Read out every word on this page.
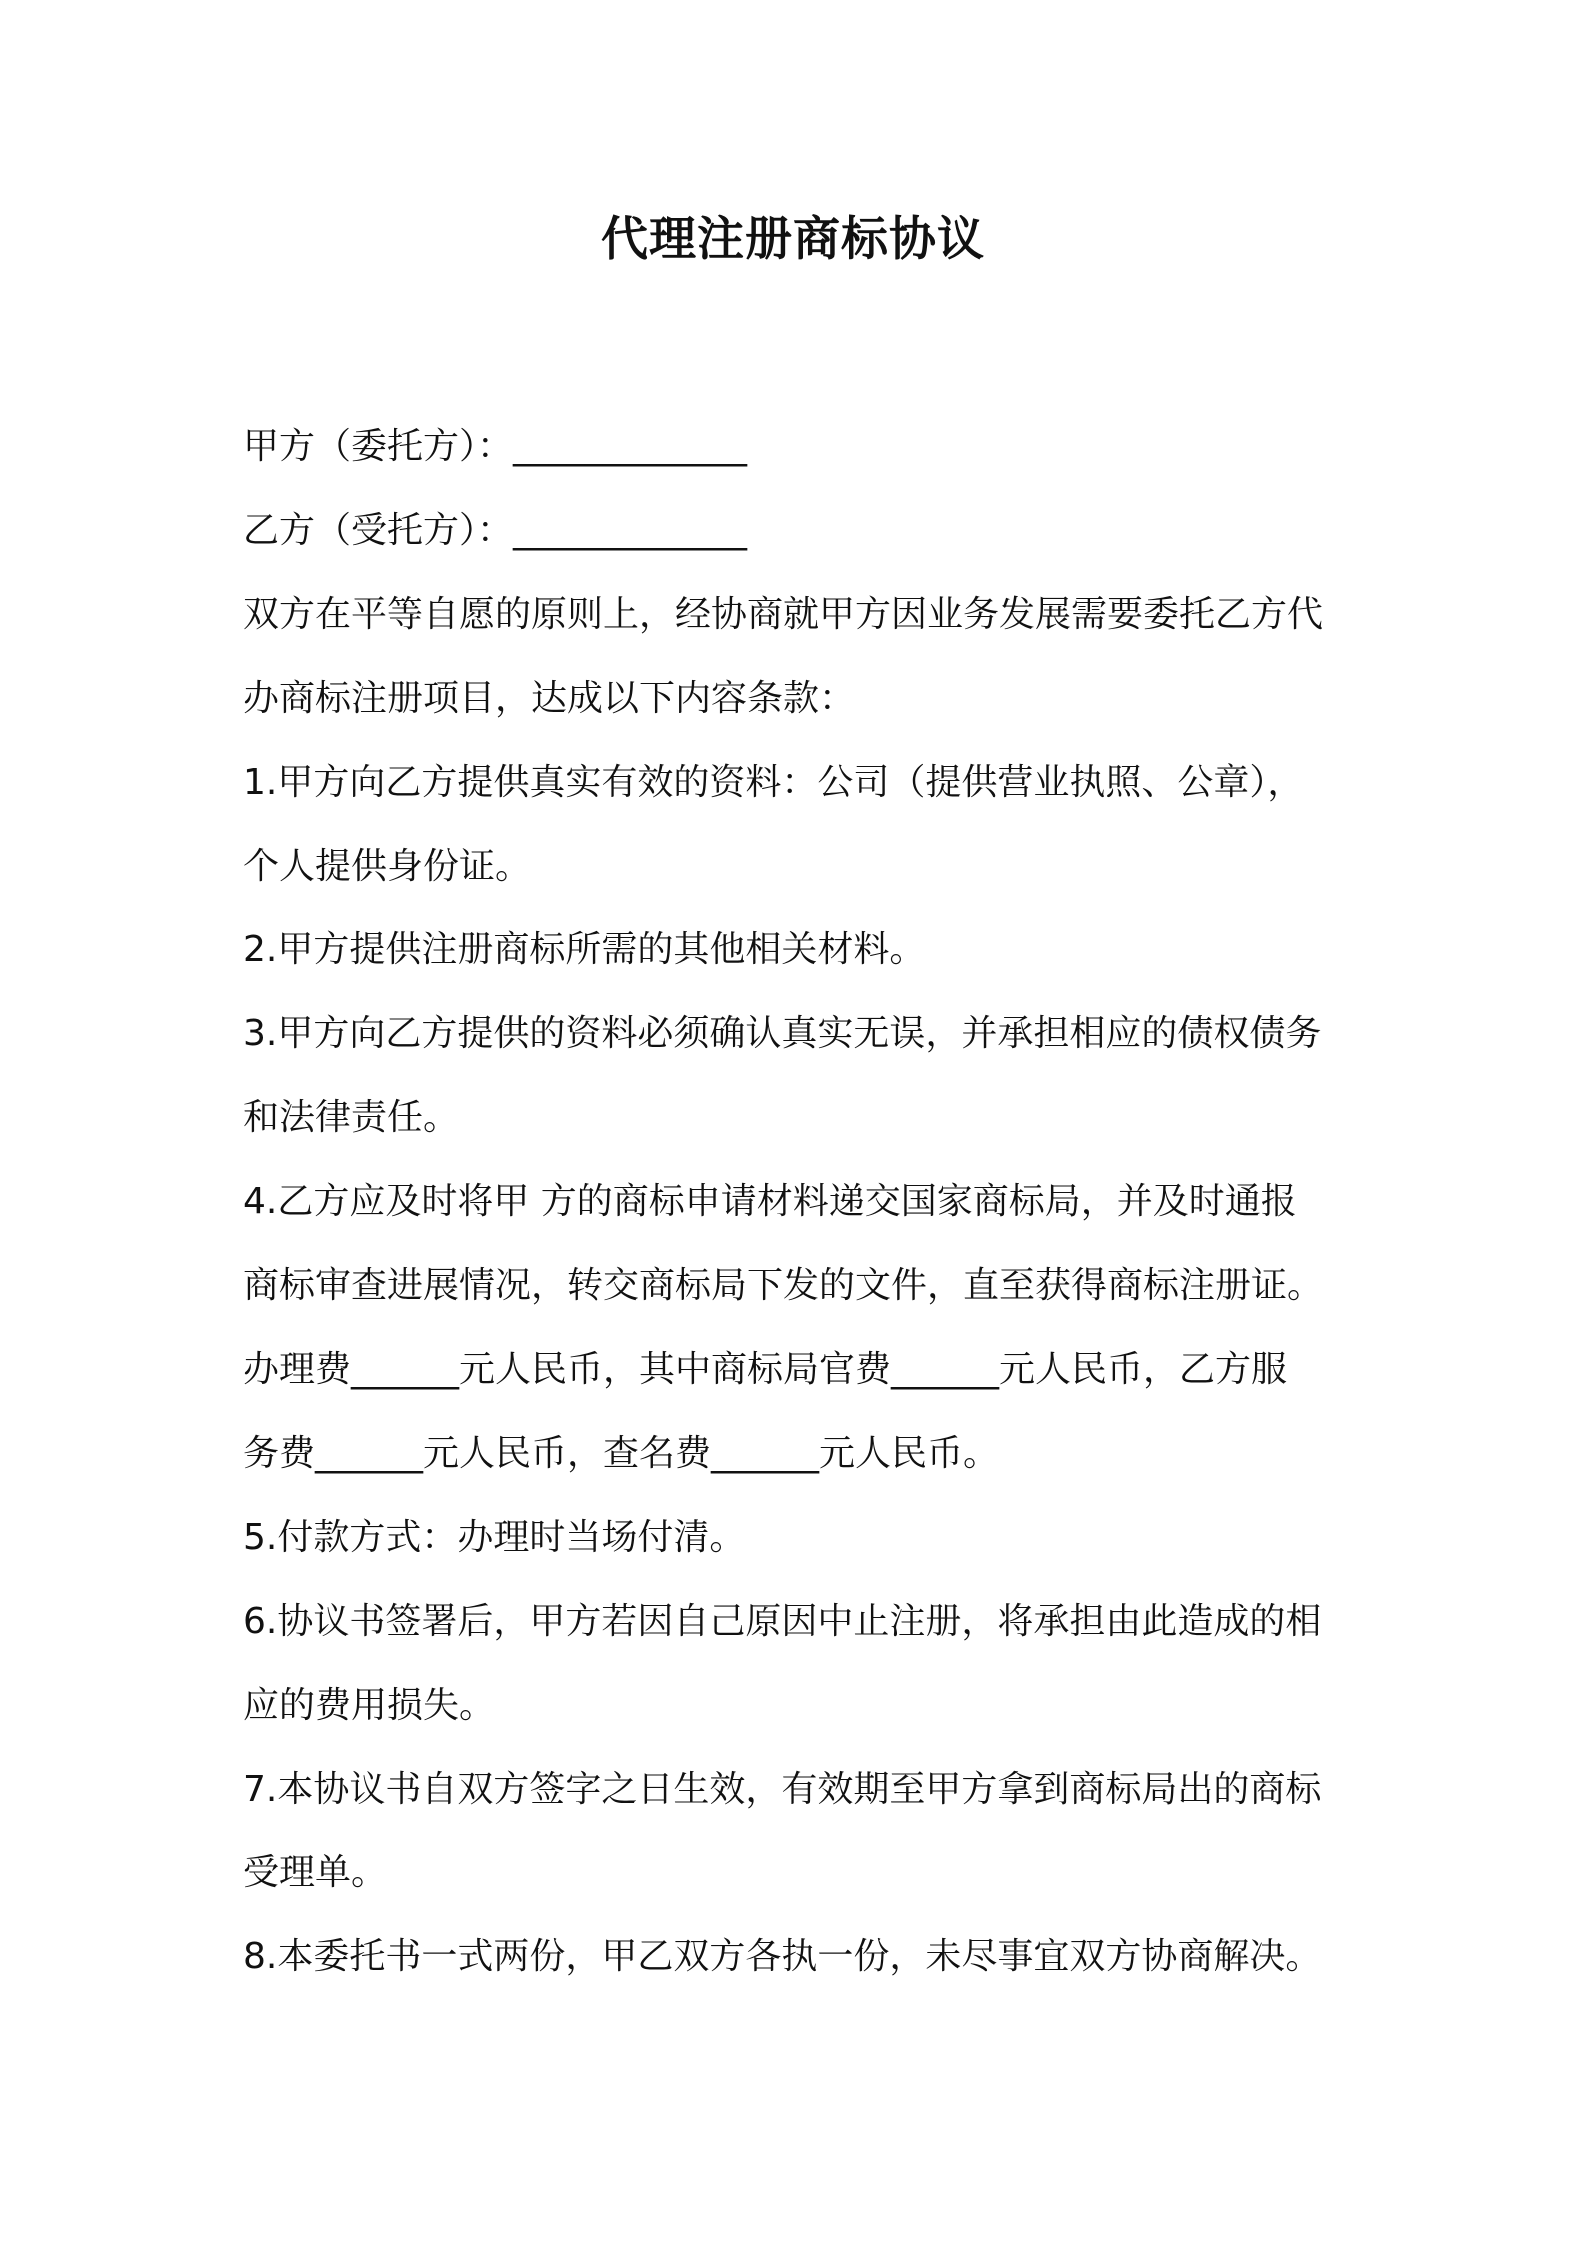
代理注册商标协议

甲方（委托方）：_____________

乙方（受托方）：_____________

双方在平等自愿的原则上，经协商就甲方因业务发展需要委托乙方代

办商标注册项目，达成以下内容条款：

1.甲方向乙方提供真实有效的资料：公司（提供营业执照、公章），

个人提供身份证。

2.甲方提供注册商标所需的其他相关材料。

3.甲方向乙方提供的资料必须确认真实无误，并承担相应的债权债务

和法律责任。

4.乙方应及时将甲 方的商标申请材料递交国家商标局，并及时通报

商标审查进展情况，转交商标局下发的文件，直至获得商标注册证。

办理费______元人民币，其中商标局官费______元人民币，乙方服

务费______元人民币，查名费______元人民币。

5.付款方式：办理时当场付清。

6.协议书签署后，甲方若因自己原因中止注册，将承担由此造成的相

应的费用损失。

7.本协议书自双方签字之日生效，有效期至甲方拿到商标局出的商标

受理单。

8.本委托书一式两份，甲乙双方各执一份，未尽事宜双方协商解决。
